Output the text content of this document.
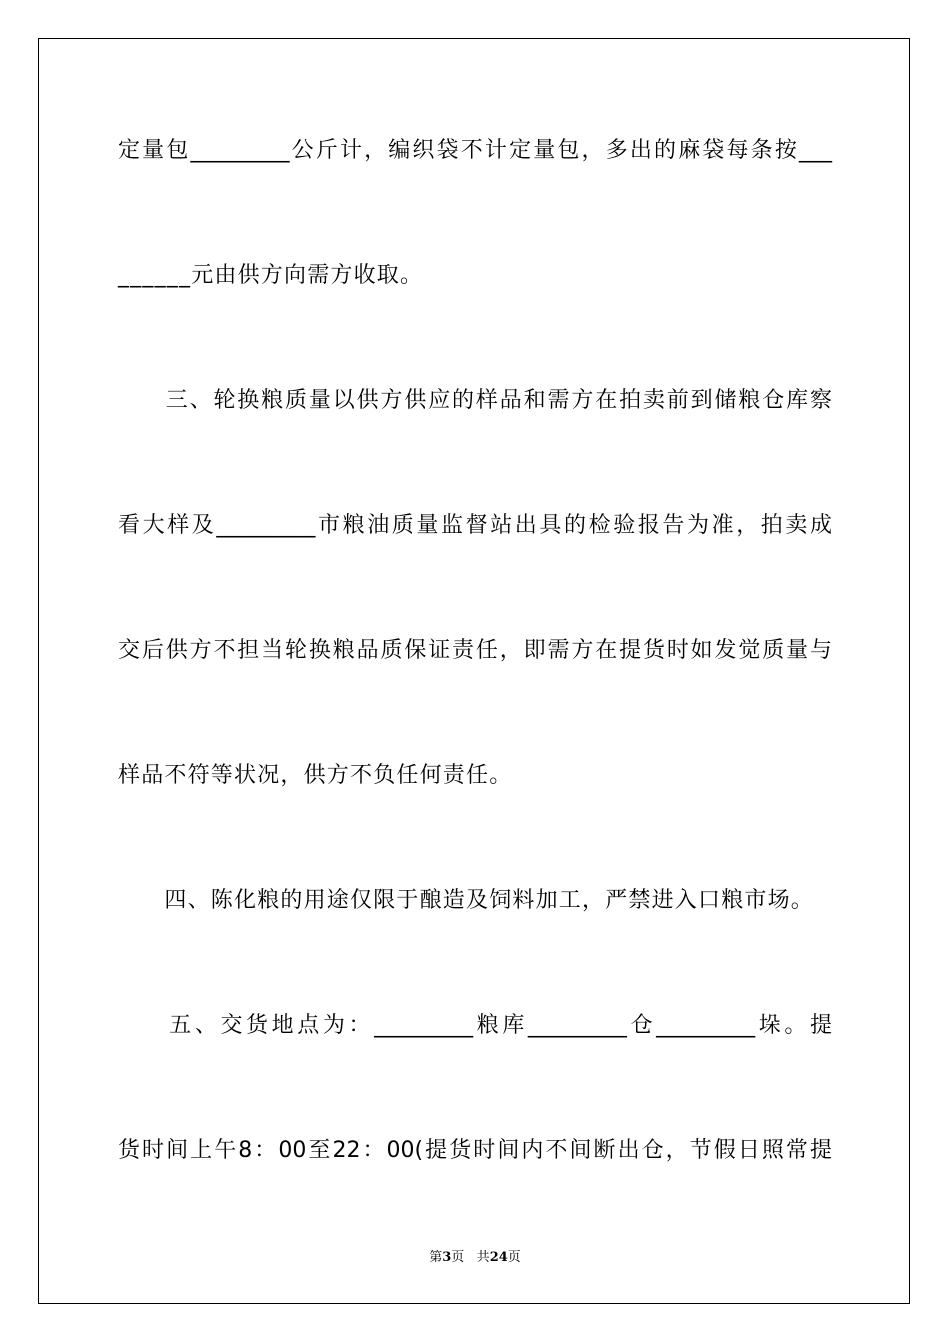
定量包_________公斤计，编织袋不计定量包，多出的麻袋每条按___
______元由供方向需方收取。
　　三、轮换粮质量以供方供应的样品和需方在拍卖前到储粮仓库察
看大样及_________市粮油质量监督站出具的检验报告为准，拍卖成
交后供方不担当轮换粮品质保证责任，即需方在提货时如发觉质量与
样品不符等状况，供方不负任何责任。
　　四、陈化粮的用途仅限于酿造及饲料加工，严禁进入口粮市场。
　　五、交货地点为：_________粮库_________仓_________垛。提
货时间上午8：00至22：00(提货时间内不间断出仓，节假日照常提
第3页 共24页
